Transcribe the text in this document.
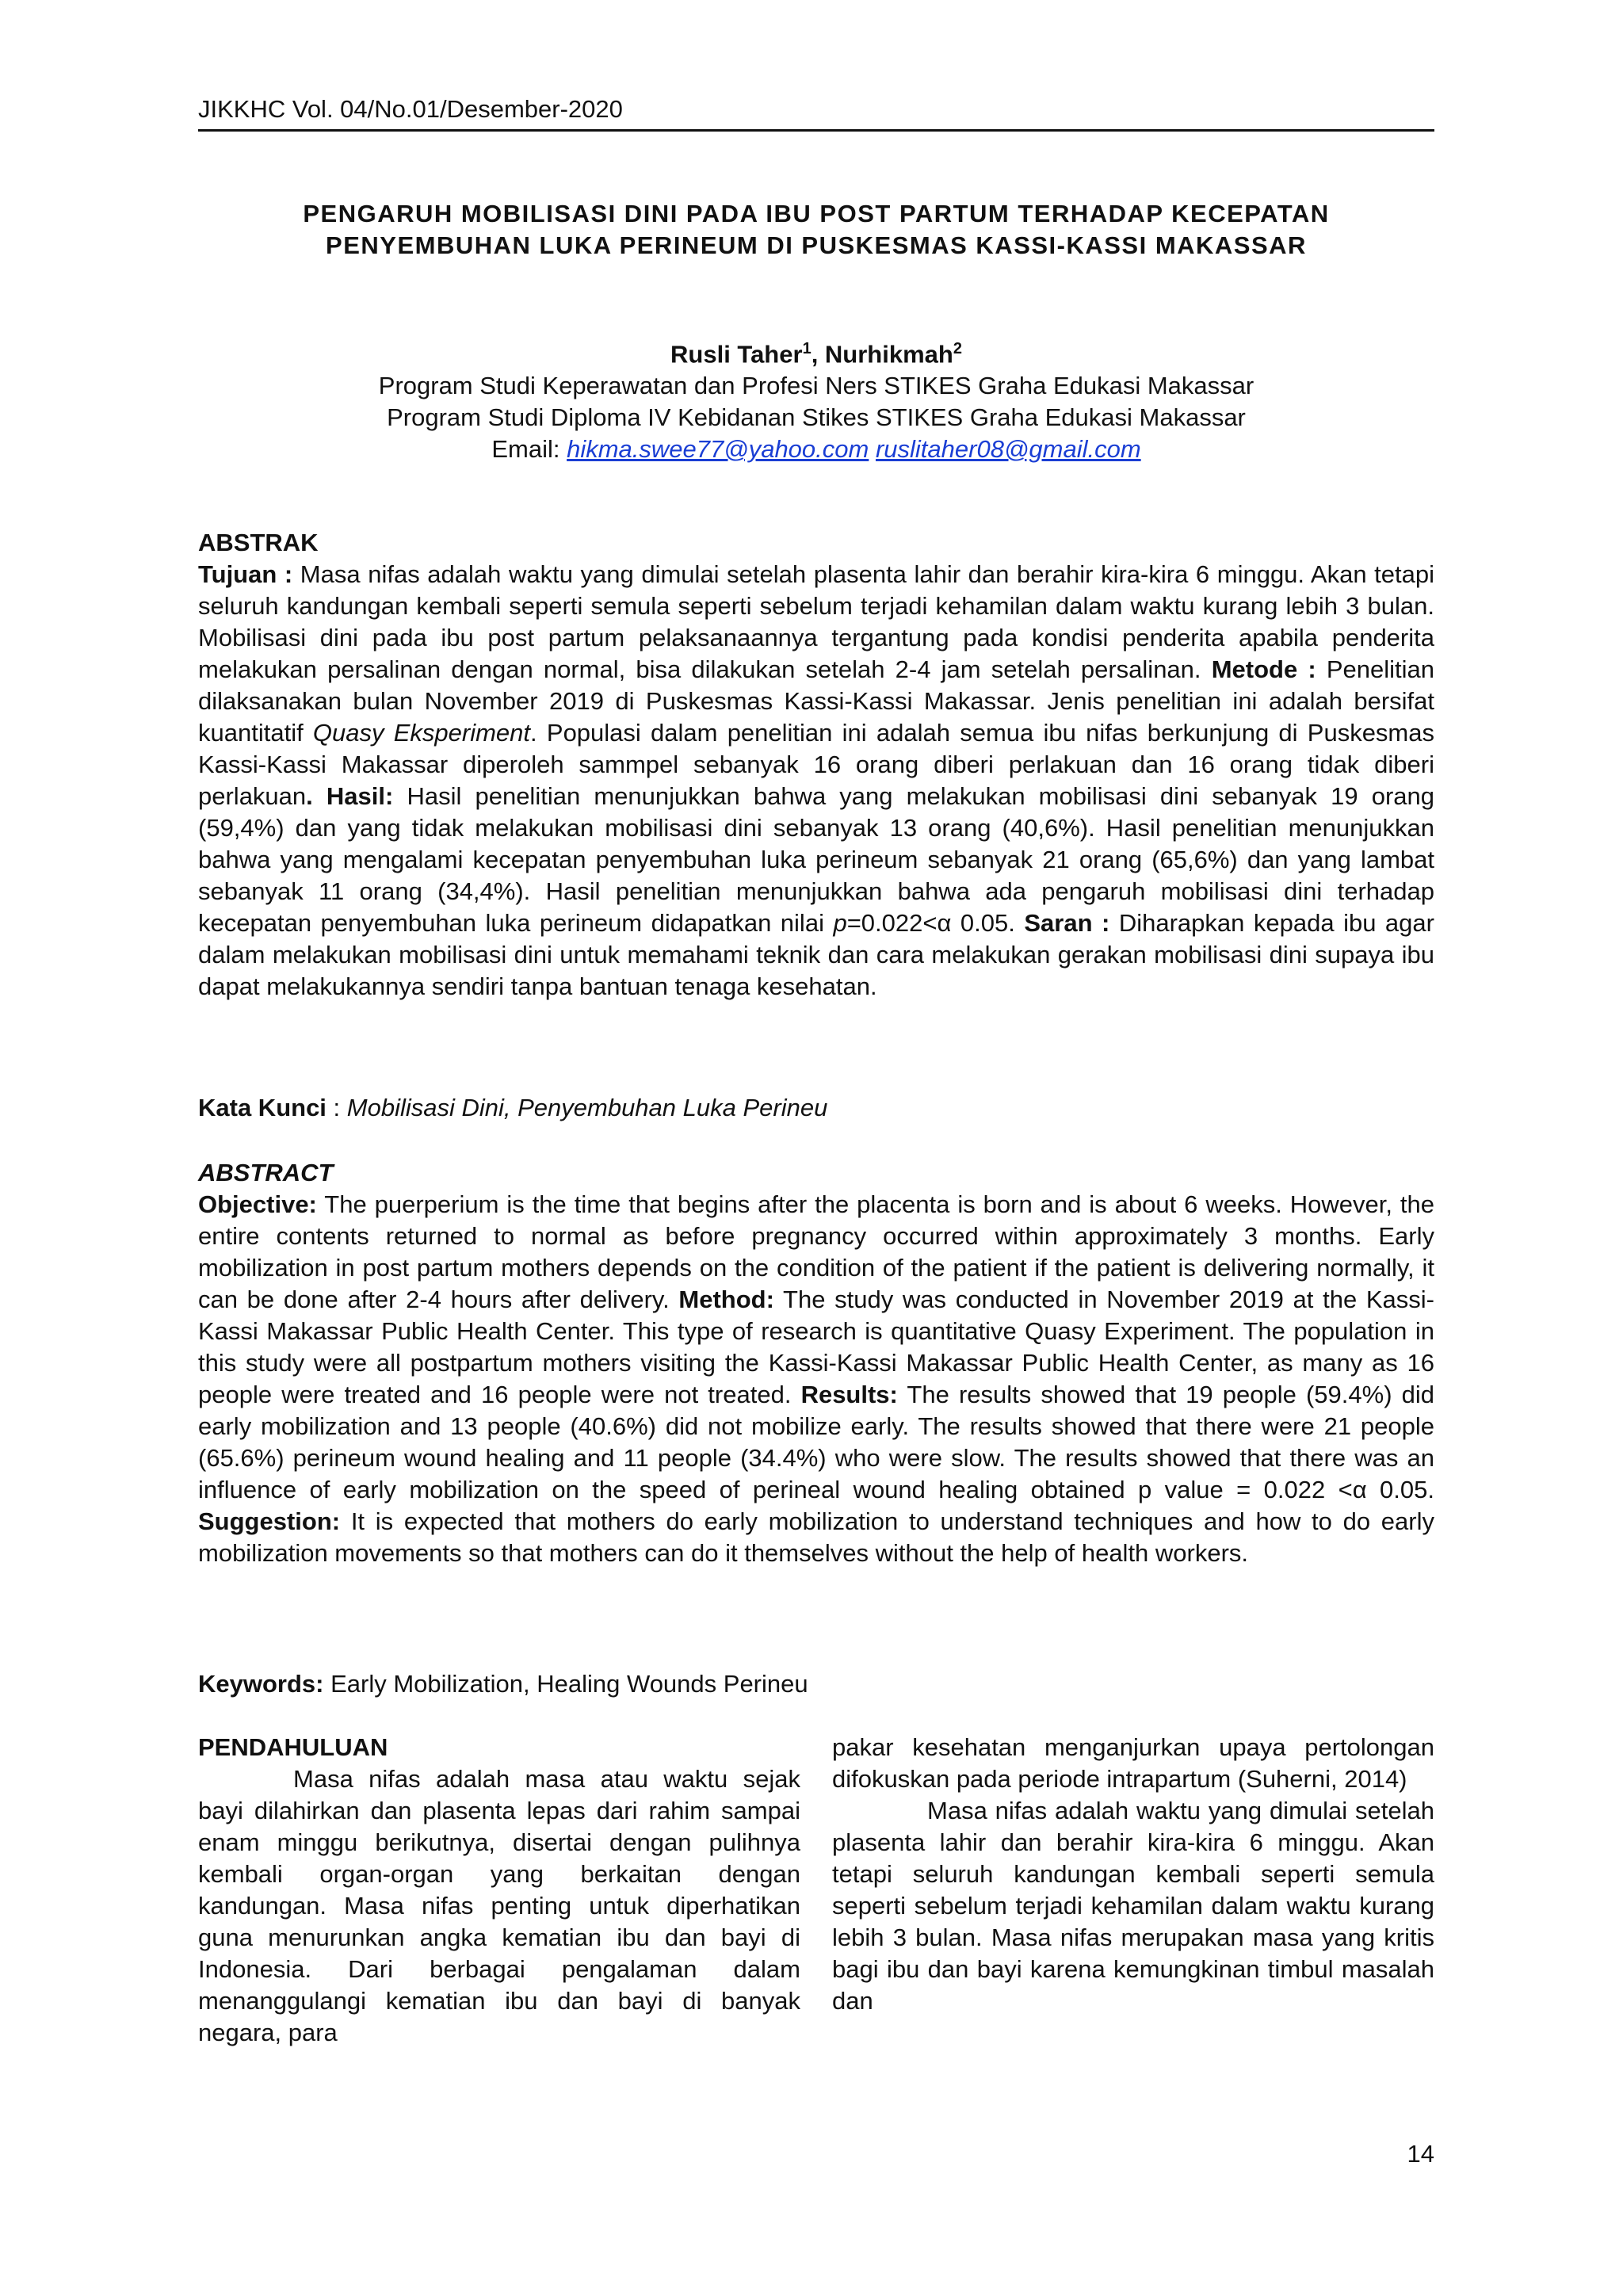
JIKKHC Vol. 04/No.01/Desember-2020
PENGARUH MOBILISASI DINI PADA IBU POST PARTUM TERHADAP KECEPATAN
PENYEMBUHAN LUKA PERINEUM DI PUSKESMAS KASSI-KASSI MAKASSAR
Rusli Taher$^1$, Nurhikmah$^2$
Program Studi Keperawatan dan Profesi Ners STIKES Graha Edukasi Makassar
Program Studi Diploma IV Kebidanan Stikes STIKES Graha Edukasi Makassar
Email: hikma.swee77@yahoo.com ruslitaher08@gmail.com
ABSTRAK

Tujuan : Masa nifas adalah waktu yang dimulai setelah plasenta lahir dan berahir kira-kira 6 minggu. Akan tetapi seluruh kandungan kembali seperti semula seperti sebelum terjadi kehamilan dalam waktu kurang lebih 3 bulan. Mobilisasi dini pada ibu post partum pelaksanaannya tergantung pada kondisi penderita apabila penderita melakukan persalinan dengan normal, bisa dilakukan setelah 2-4 jam setelah persalinan. Metode : Penelitian dilaksanakan bulan November 2019 di Puskesmas Kassi-Kassi Makassar. Jenis penelitian ini adalah bersifat kuantitatif Quasy Eksperiment. Populasi dalam penelitian ini adalah semua ibu nifas berkunjung di Puskesmas Kassi-Kassi Makassar diperoleh sammpel sebanyak 16 orang diberi perlakuan dan 16 orang tidak diberi perlakuan. Hasil: Hasil penelitian menunjukkan bahwa yang melakukan mobilisasi dini sebanyak 19 orang (59,4%) dan yang tidak melakukan mobilisasi dini sebanyak 13 orang (40,6%). Hasil penelitian menunjukkan bahwa yang mengalami kecepatan penyembuhan luka perineum sebanyak 21 orang (65,6%) dan yang lambat sebanyak 11 orang (34,4%). Hasil penelitian menunjukkan bahwa ada pengaruh mobilisasi dini terhadap kecepatan penyembuhan luka perineum didapatkan nilai p=0.022<α 0.05. Saran : Diharapkan kepada ibu agar dalam melakukan mobilisasi dini untuk memahami teknik dan cara melakukan gerakan mobilisasi dini supaya ibu dapat melakukannya sendiri tanpa bantuan tenaga kesehatan.

Kata Kunci : Mobilisasi Dini, Penyembuhan Luka Perineu
ABSTRACT

Objective: The puerperium is the time that begins after the placenta is born and is about 6 weeks. However, the entire contents returned to normal as before pregnancy occurred within approximately 3 months. Early mobilization in post partum mothers depends on the condition of the patient if the patient is delivering normally, it can be done after 2-4 hours after delivery. Method: The study was conducted in November 2019 at the Kassi-Kassi Makassar Public Health Center. This type of research is quantitative Quasy Experiment. The population in this study were all postpartum mothers visiting the Kassi-Kassi Makassar Public Health Center, as many as 16 people were treated and 16 people were not treated. Results: The results showed that 19 people (59.4%) did early mobilization and 13 people (40.6%) did not mobilize early. The results showed that there were 21 people (65.6%) perineum wound healing and 11 people (34.4%) who were slow. The results showed that there was an influence of early mobilization on the speed of perineal wound healing obtained p value = 0.022 <α 0.05. Suggestion: It is expected that mothers do early mobilization to understand techniques and how to do early mobilization movements so that mothers can do it themselves without the help of health workers.

Keywords: Early Mobilization, Healing Wounds Perineu
PENDAHULUAN

Masa nifas adalah masa atau waktu sejak bayi dilahirkan dan plasenta lepas dari rahim sampai enam minggu berikutnya, disertai dengan pulihnya kembali organ-organ yang berkaitan dengan kandungan. Masa nifas penting untuk diperhatikan guna menurunkan angka kematian ibu dan bayi di Indonesia. Dari berbagai pengalaman dalam menanggulangi kematian ibu dan bayi di banyak negara, para

pakar kesehatan menganjurkan upaya pertolongan difokuskan pada periode intrapartum (Suherni, 2014)

Masa nifas adalah waktu yang dimulai setelah plasenta lahir dan berahir kira-kira 6 minggu. Akan tetapi seluruh kandungan kembali seperti semula seperti sebelum terjadi kehamilan dalam waktu kurang lebih 3 bulan. Masa nifas merupakan masa yang kritis bagi ibu dan bayi karena kemungkinan timbul masalah dan

14
